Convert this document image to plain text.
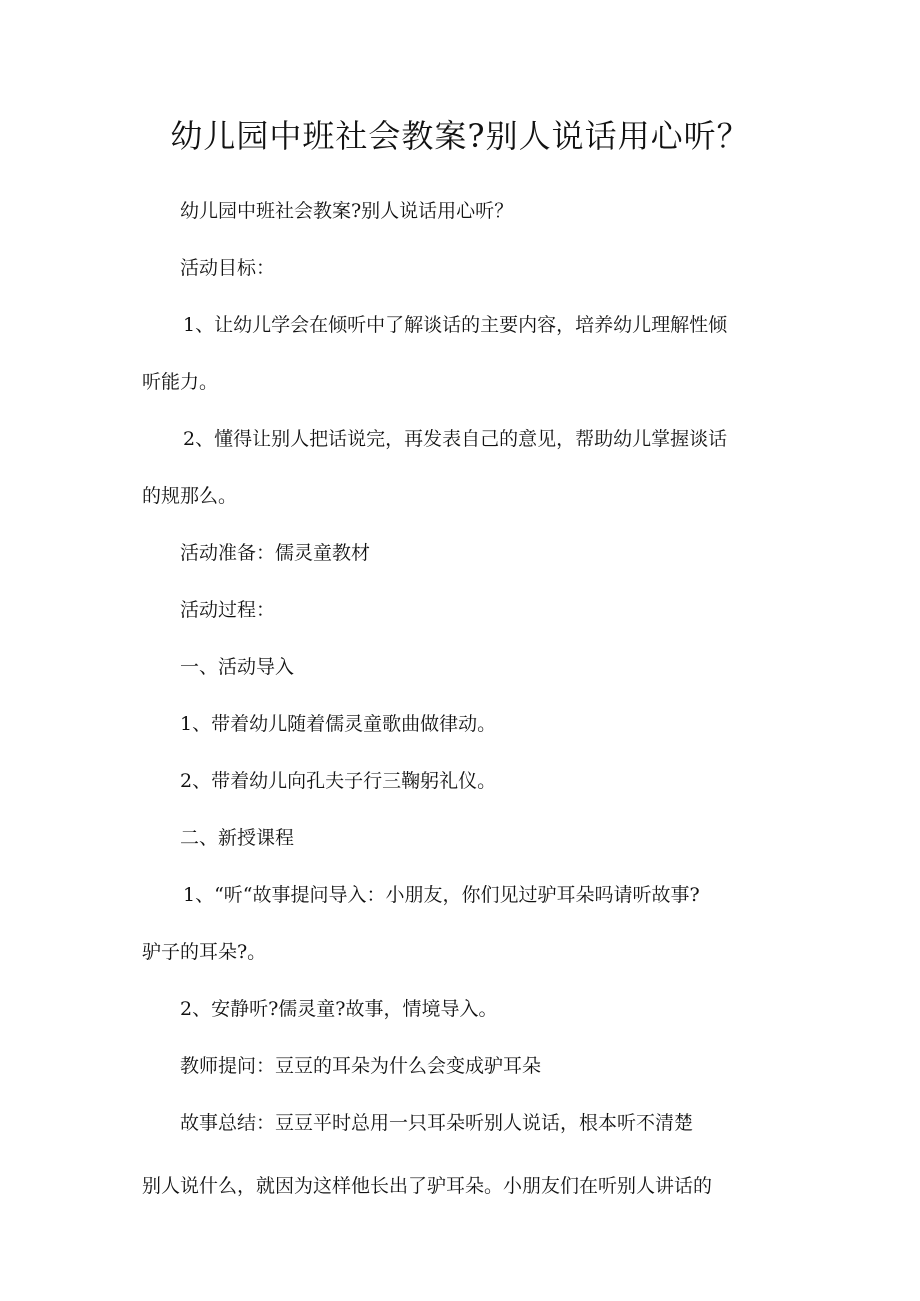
幼儿园中班社会教案?别人说话用心听？

幼儿园中班社会教案?别人说话用心听？

活动目标：

1、让幼儿学会在倾听中了解谈话的主要内容，培养幼儿理解性倾

听能力。

2、懂得让别人把话说完，再发表自己的意见，帮助幼儿掌握谈话

的规那么。

活动准备：儒灵童教材

活动过程：

一、活动导入

1、带着幼儿随着儒灵童歌曲做律动。

2、带着幼儿向孔夫子行三鞠躬礼仪。

二、新授课程

1、“听“故事提问导入：小朋友，你们见过驴耳朵吗请听故事?

驴子的耳朵?。

2、安静听?儒灵童?故事，情境导入。

教师提问：豆豆的耳朵为什么会变成驴耳朵

故事总结：豆豆平时总用一只耳朵听别人说话，根本听不清楚

别人说什么，就因为这样他长出了驴耳朵。小朋友们在听别人讲话的
